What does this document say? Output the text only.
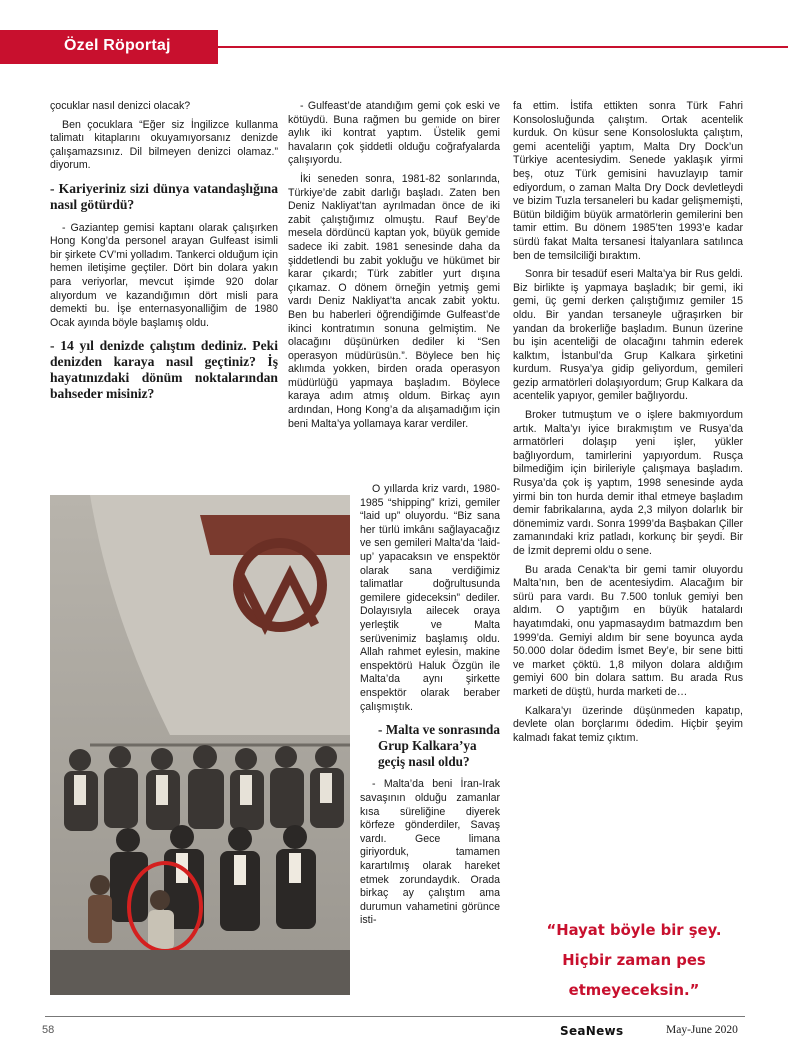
Özel Röportaj

çocuklar nasıl denizci olacak?

Ben çocuklara “Eğer siz İngilizce kullanma talimatı kitaplarını okuyamıyorsanız denizde çalışamazsınız. Dil bilmeyen denizci olamaz.” diyorum.

- Kariyeriniz sizi dünya vatandaşlığına nasıl götürdü?

- Gaziantep gemisi kaptanı olarak çalışırken Hong Kong’da personel arayan Gulfeast isimli bir şirkete CV’mi yolladım. Tankerci olduğum için hemen iletişime geçtiler. Dört bin dolara yakın para veriyorlar, mevcut işimde 920 dolar alıyordum ve kazandığımın dört misli para demekti bu. İşe enternasyonalliğim de 1980 Ocak ayında böyle başlamış oldu.

- 14 yıl denizde çalıştım dediniz. Peki denizden karaya nasıl geçtiniz? İş hayatınızdaki dönüm noktalarından bahseder misiniz?

- Gulfeast’de atandığım gemi çok eski ve kötüydü. Buna rağmen bu gemide on birer aylık iki kontrat yaptım. Üstelik gemi havaların çok şiddetli olduğu coğrafyalarda çalışıyordu.

İki seneden sonra, 1981-82 sonlarında, Türkiye’de zabit darlığı başladı. Zaten ben Deniz Nakliyat’tan ayrılmadan önce de iki zabit çalıştığımız olmuştu. Rauf Bey’de mesela dördüncü kaptan yok, büyük gemide sadece iki zabit. 1981 senesinde daha da şiddetlendi bu zabit yokluğu ve hükümet bir karar çıkardı; Türk zabitler yurt dışına çıkamaz. O dönem örneğin yetmiş gemi vardı Deniz Nakliyat’ta ancak zabit yoktu. Ben bu haberleri öğrendiğimde Gulfeast’de ikinci kontratımın sonuna gelmiştim. Ne olacağını düşünürken dediler ki “Sen operasyon müdürüsün.”. Böylece ben hiç aklımda yokken, birden orada operasyon müdürlüğü yapmaya başladım. Böylece karaya adım atmış oldum. Birkaç ayın ardından, Hong Kong’a da alışamadığım için beni Malta’ya yollamaya karar verdiler.

O yıllarda kriz vardı, 1980-1985 “shipping” krizi, gemiler “laid up” oluyordu. “Biz sana her türlü imkânı sağlayacağız ve sen gemileri Malta’da ‘laid-up’ yapacaksın ve enspektör olarak sana verdiğimiz talimatlar doğrultusunda gemilere gideceksin” dediler. Dolayısıyla ailecek oraya yerleştik ve Malta serüvenimiz başlamış oldu. Allah rahmet eylesin, makine enspektörü Haluk Özgün ile Malta’da aynı şirkette enspektör olarak beraber çalışmıştık.

- Malta ve sonrasında Grup Kalkara’ya geçiş nasıl oldu?

- Malta’da beni İran-Irak savaşının olduğu zamanlar kısa süreliğine diyerek körfeze gönderdiler, Savaş vardı. Gece limana giriyorduk, tamamen karartılmış olarak hareket etmek zorundaydık. Orada birkaç ay çalıştım ama durumun vahametini görünce isti-

fa ettim. İstifa ettikten sonra Türk Fahri Konsolosluğunda çalıştım. Ortak acentelik kurduk. On küsur sene Konsoloslukta çalıştım, gemi acenteliği yaptım, Malta Dry Dock’un Türkiye acentesiydim. Senede yaklaşık yirmi beş, otuz Türk gemisini havuzlayıp tamir ediyordum, o zaman Malta Dry Dock devletleydi ve bizim Tuzla tersaneleri bu kadar gelişmemişti, Bütün bildiğim büyük armatörlerin gemilerini ben tamir ettim. Bu dönem 1985’ten 1993’e kadar sürdü fakat Malta tersanesi İtalyanlara satılınca ben de temsilciliği bıraktım.

Sonra bir tesadüf eseri Malta’ya bir Rus geldi. Biz birlikte iş yapmaya başladık; bir gemi, iki gemi, üç gemi derken çalıştığımız gemiler 15 oldu. Bir yandan tersaneyle uğraşırken bir yandan da brokerliğe başladım. Bunun üzerine bu işin acenteliği de olacağını tahmin ederek kalktım, İstanbul’da Grup Kalkara şirketini kurdum. Rusya’ya gidip geliyordum, gemileri gezip armatörleri dolaşıyordum; Grup Kalkara da acentelik yapıyor, gemiler bağlıyordu.

Broker tutmuştum ve o işlere bakmıyordum artık. Malta’yı iyice bırakmıştım ve Rusya’da armatörleri dolaşıp yeni işler, yükler bağlıyordum, tamirlerini yapıyordum. Rusça bilmediğim için birileriyle çalışmaya başladım. Rusya’da çok iş yaptım, 1998 senesinde ayda yirmi bin ton hurda demir ithal etmeye başladım demir fabrikalarına, ayda 2,3 milyon dolarlık bir dönemimiz vardı. Sonra 1999’da Başbakan Çiller zamanındaki kriz patladı, korkunç bir şeydi. Bir de İzmit depremi oldu o sene.

Bu arada Cenak’ta bir gemi tamir oluyordu Malta’nın, ben de acentesiydim. Alacağım bir sürü para vardı. Bu 7.500 tonluk gemiyi ben aldım. O yaptığım en büyük hatalardı hayatımdaki, onu yapmasaydım batmazdım ben 1999’da. Gemiyi aldım bir sene boyunca ayda 50.000 dolar ödedim İsmet Bey’e, bir sene bitti ve market çöktü. 1,8 milyon dolara aldığım gemiyi 600 bin dolara sattım. Bu arada Rus marketi de düştü, hurda marketi de…

Kalkara’yı üzerinde düşünmeden kapatıp, devlete olan borçlarımı ödedim. Hiçbir şeyim kalmadı fakat temiz çıktım.

“Hayat böyle bir şey.
Hiçbir zaman pes
etmeyeceksin.”
58	SeaNews	May-June 2020
